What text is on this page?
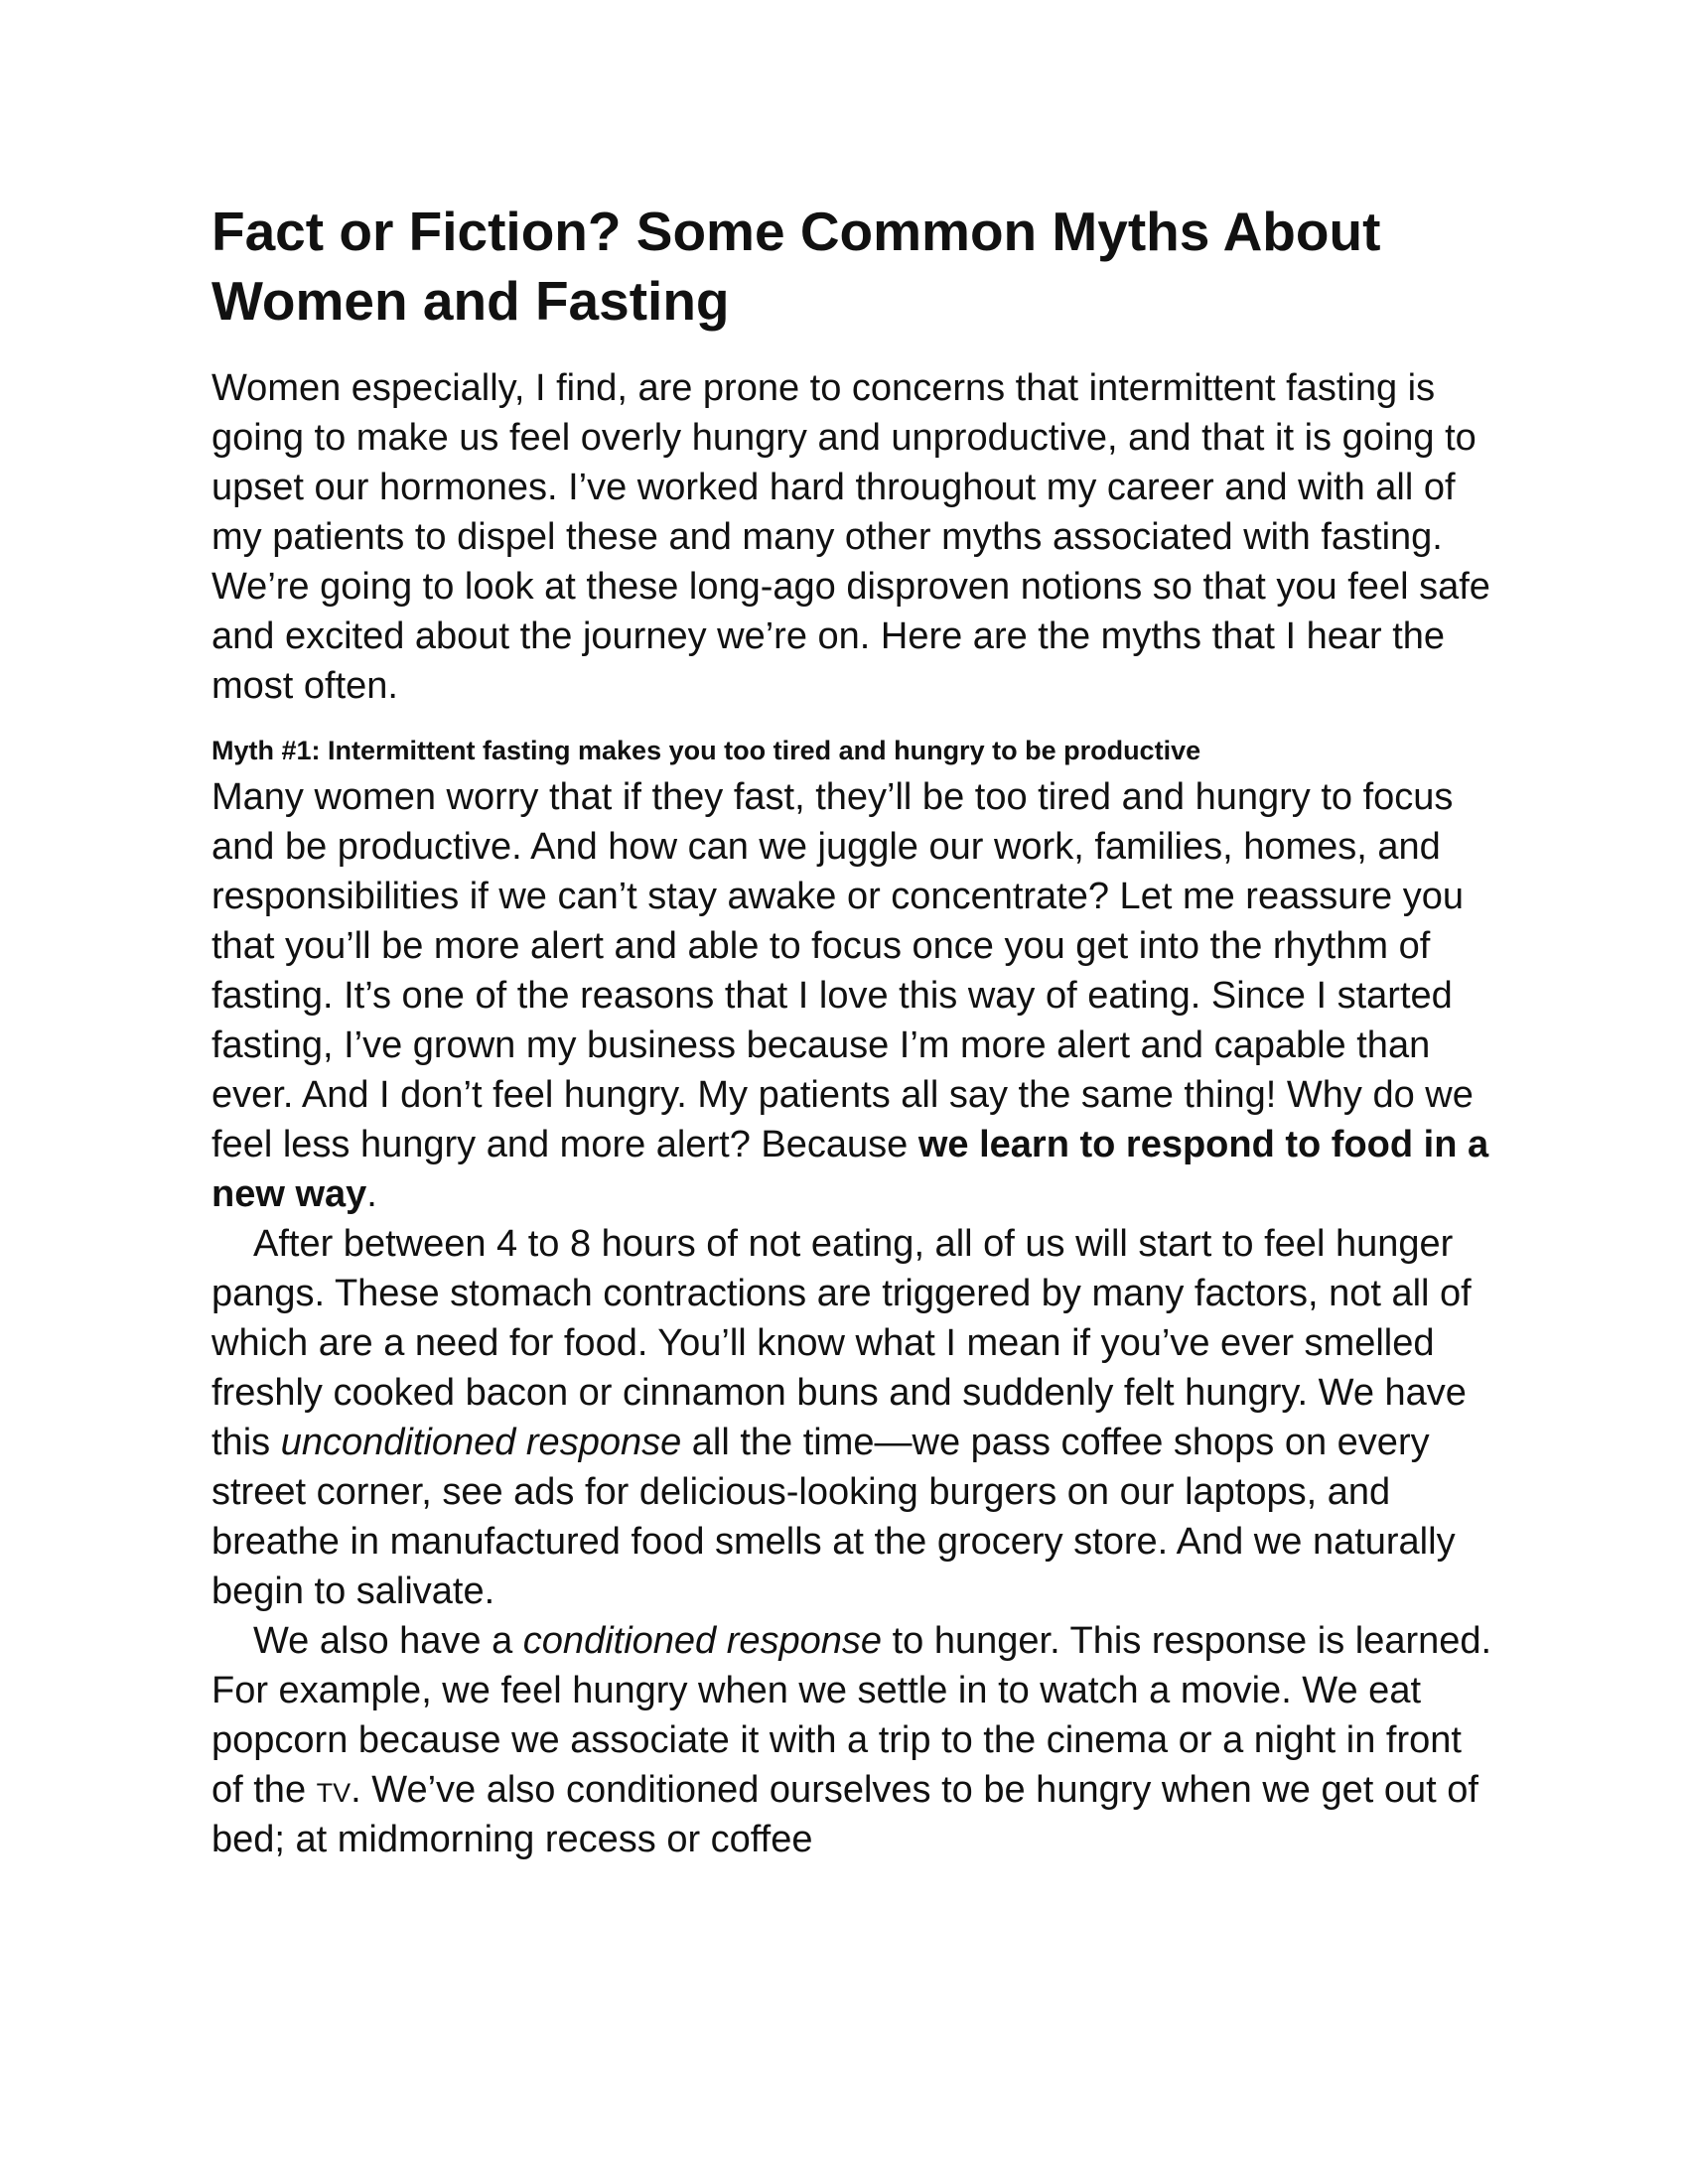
Fact or Fiction? Some Common Myths About Women and Fasting

Women especially, I find, are prone to concerns that intermittent fasting is going to make us feel overly hungry and unproductive, and that it is going to upset our hormones. I’ve worked hard throughout my career and with all of my patients to dispel these and many other myths associated with fasting. We’re going to look at these long-ago disproven notions so that you feel safe and excited about the journey we’re on. Here are the myths that I hear the most often.

Myth #1: Intermittent fasting makes you too tired and hungry to be productive

Many women worry that if they fast, they’ll be too tired and hungry to focus and be productive. And how can we juggle our work, families, homes, and responsibilities if we can’t stay awake or concentrate? Let me reassure you that you’ll be more alert and able to focus once you get into the rhythm of fasting. It’s one of the reasons that I love this way of eating. Since I started fasting, I’ve grown my business because I’m more alert and capable than ever. And I don’t feel hungry. My patients all say the same thing! Why do we feel less hungry and more alert? Because we learn to respond to food in a new way.

After between 4 to 8 hours of not eating, all of us will start to feel hunger pangs. These stomach contractions are triggered by many factors, not all of which are a need for food. You’ll know what I mean if you’ve ever smelled freshly cooked bacon or cinnamon buns and suddenly felt hungry. We have this unconditioned response all the time—we pass coffee shops on every street corner, see ads for delicious-looking burgers on our laptops, and breathe in manufactured food smells at the grocery store. And we naturally begin to salivate.

We also have a conditioned response to hunger. This response is learned. For example, we feel hungry when we settle in to watch a movie. We eat popcorn because we associate it with a trip to the cinema or a night in front of the tv. We’ve also conditioned ourselves to be hungry when we get out of bed; at midmorning recess or coffee
